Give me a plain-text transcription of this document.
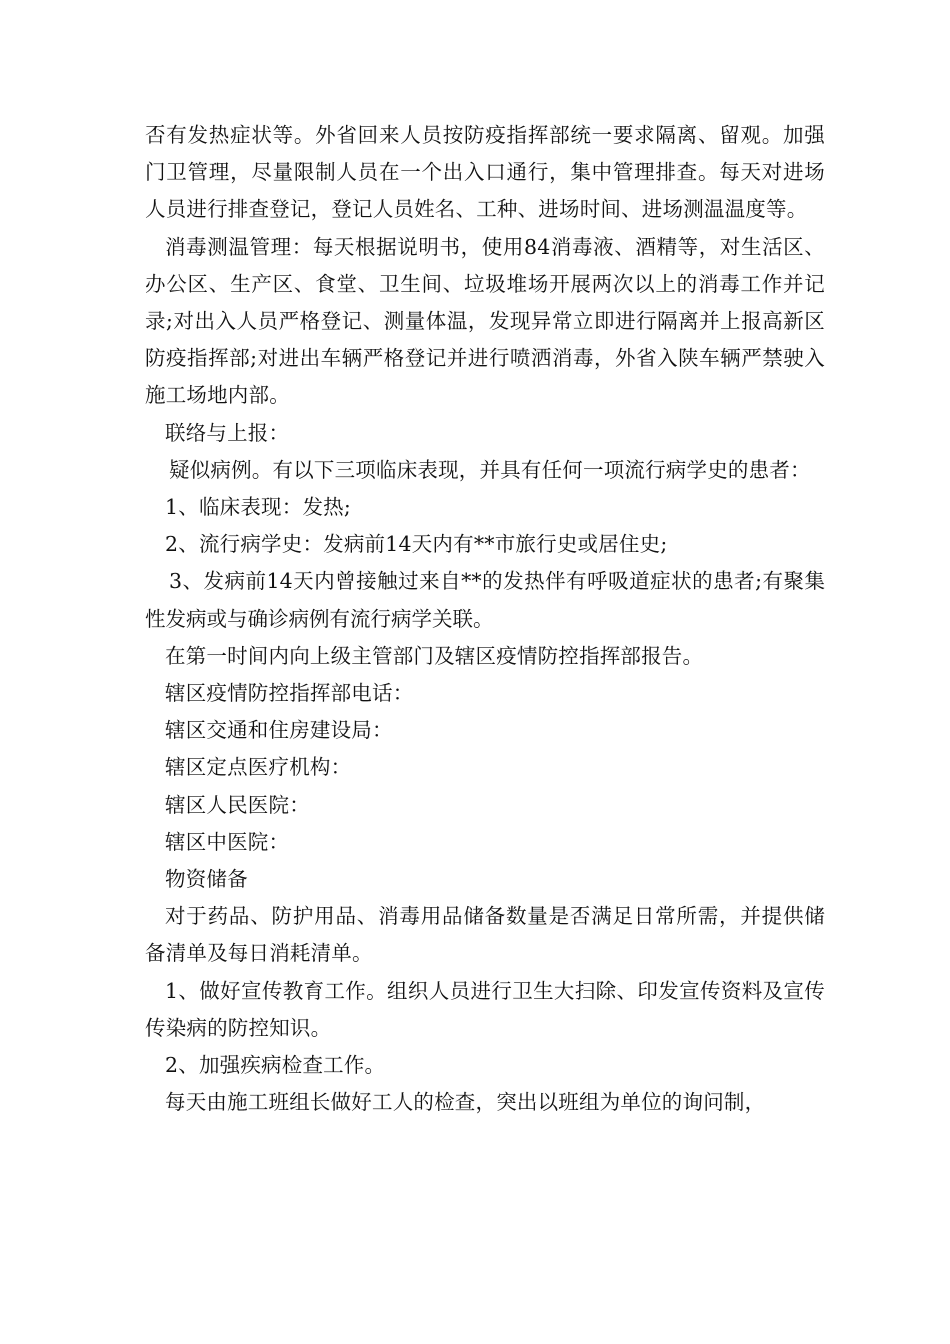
否有发热症状等。外省回来人员按防疫指挥部统一要求隔离、留观。加强门卫管理，尽量限制人员在一个出入口通行，集中管理排查。每天对进场人员进行排查登记，登记人员姓名、工种、进场时间、进场测温温度等。

消毒测温管理：每天根据说明书，使用84消毒液、酒精等，对生活区、办公区、生产区、食堂、卫生间、垃圾堆场开展两次以上的消毒工作并记录;对出入人员严格登记、测量体温，发现异常立即进行隔离并上报高新区防疫指挥部;对进出车辆严格登记并进行喷洒消毒，外省入陕车辆严禁驶入施工场地内部。

联络与上报：

疑似病例。有以下三项临床表现，并具有任何一项流行病学史的患者：

1、临床表现：发热;

2、流行病学史：发病前14天内有**市旅行史或居住史;

3、发病前14天内曾接触过来自**的发热伴有呼吸道症状的患者;有聚集性发病或与确诊病例有流行病学关联。

在第一时间内向上级主管部门及辖区疫情防控指挥部报告。

辖区疫情防控指挥部电话：

辖区交通和住房建设局：

辖区定点医疗机构：

辖区人民医院：

辖区中医院：

物资储备

对于药品、防护用品、消毒用品储备数量是否满足日常所需，并提供储备清单及每日消耗清单。

1、做好宣传教育工作。组织人员进行卫生大扫除、印发宣传资料及宣传传染病的防控知识。

2、加强疾病检查工作。

每天由施工班组长做好工人的检查，突出以班组为单位的询问制，
